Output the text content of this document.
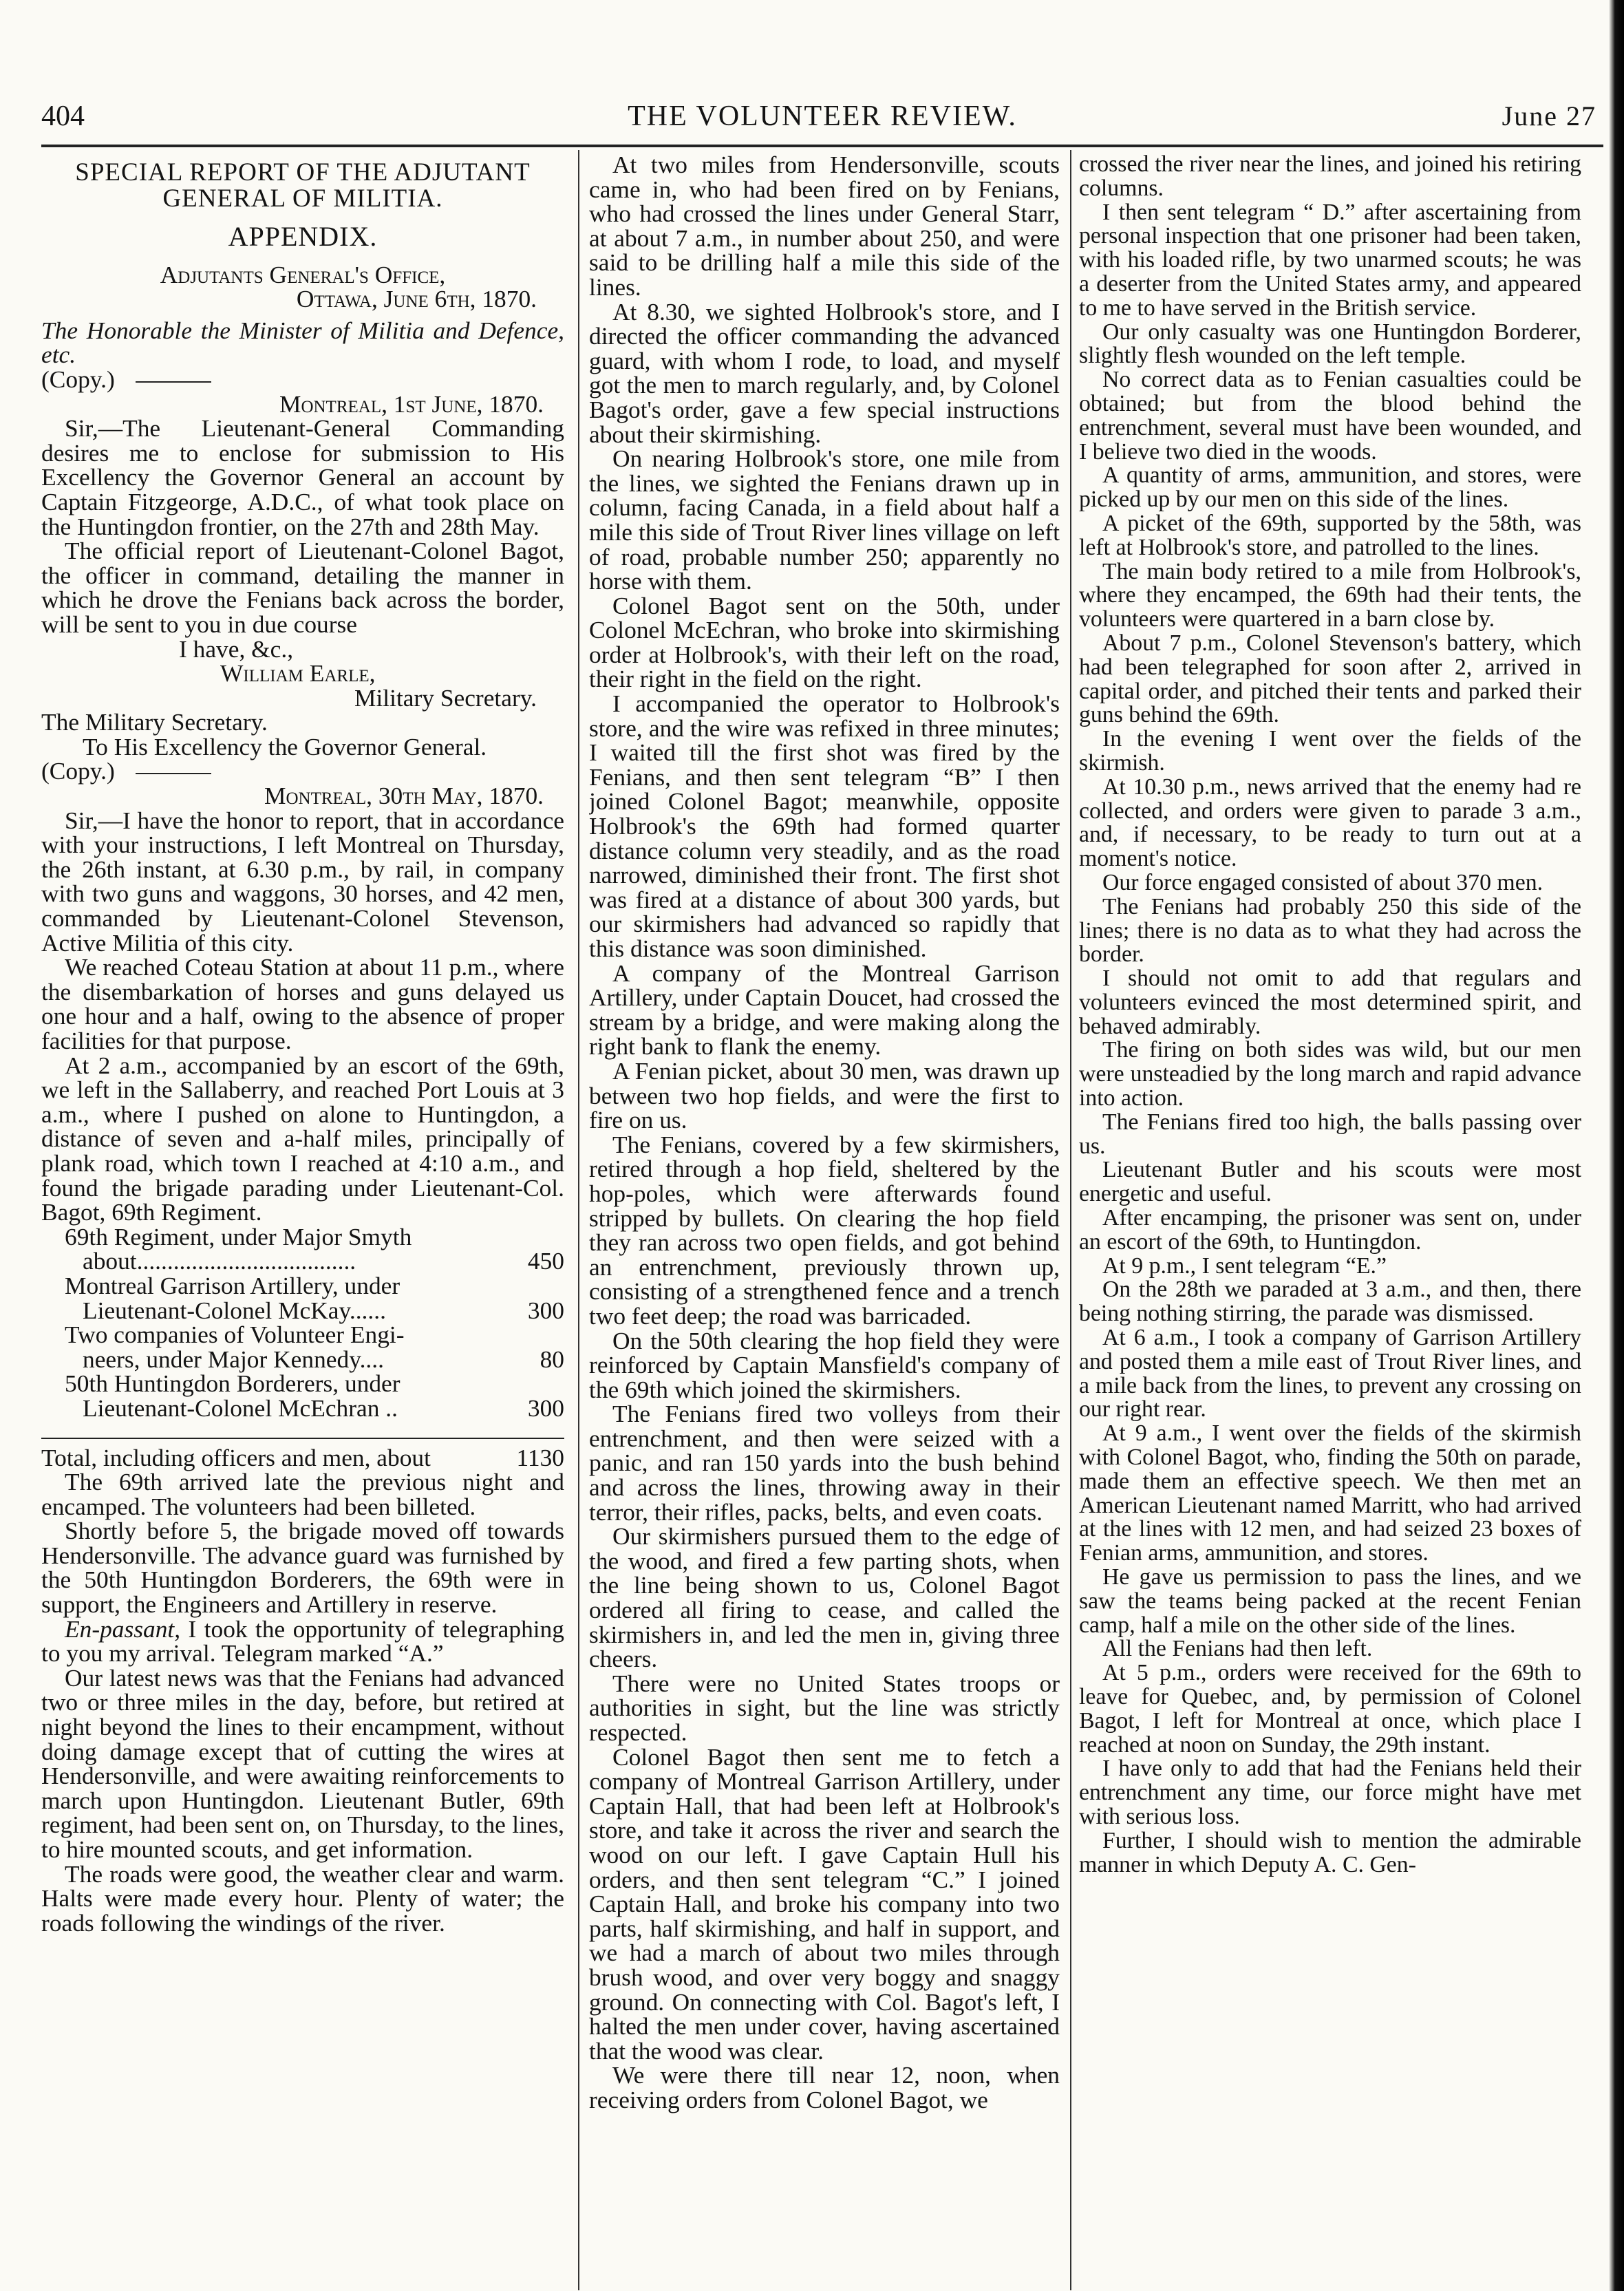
404	THE VOLUNTEER REVIEW.	June 27
SPECIAL REPORT OF THE ADJUTANT GENERAL OF MILITIA.
APPENDIX.
Adjutants General's Office,
Ottawa, June 6th, 1870.

The Honorable the Minister of Militia and Defence, etc.

(Copy.)
Montreal, 1st June, 1870.

Sir,—The Lieutenant-General Commanding desires me to enclose for submission to His Excellency the Governor General an account by Captain Fitzgeorge, A.D.C., of what took place on the Huntingdon frontier, on the 27th and 28th May.

The official report of Lieutenant-Colonel Bagot, the officer in command, detailing the manner in which he drove the Fenians back across the border, will be sent to you in due course

I have, &c.,
William Earle,
Military Secretary.
The Military Secretary.
To His Excellency the Governor General.
(Copy.)
Montreal, 30th May, 1870.

Sir,—I have the honor to report, that in accordance with your instructions, I left Montreal on Thursday, the 26th instant, at 6.30 p.m., by rail, in company with two guns and waggons, 30 horses, and 42 men, commanded by Lieutenant-Colonel Stevenson, Active Militia of this city.

We reached Coteau Station at about 11 p.m., where the disembarkation of horses and guns delayed us one hour and a half, owing to the absence of proper facilities for that purpose.

At 2 a.m., accompanied by an escort of the 69th, we left in the Sallaberry, and reached Port Louis at 3 a.m., where I pushed on alone to Huntingdon, a distance of seven and a-half miles, principally of plank road, which town I reached at 4:10 a.m., and found the brigade parading under Lieutenant-Col. Bagot, 69th Regiment.

69th Regiment, under Major Smyth	
about....................................	450
Montreal Garrison Artillery, under	
Lieutenant-Colonel McKay......	300
Two companies of Volunteer Engi-	
neers, under Major Kennedy....	80
50th Huntingdon Borderers, under	
Lieutenant-Colonel McEchran ..	300
Total, including officers and men, about	1130

The 69th arrived late the previous night and encamped. The volunteers had been billeted.

Shortly before 5, the brigade moved off towards Hendersonville. The advance guard was furnished by the 50th Huntingdon Borderers, the 69th were in support, the Engineers and Artillery in reserve.

En-passant, I took the opportunity of telegraphing to you my arrival. Telegram marked “A.”

Our latest news was that the Fenians had advanced two or three miles in the day, before, but retired at night beyond the lines to their encampment, without doing damage except that of cutting the wires at Hendersonville, and were awaiting reinforcements to march upon Huntingdon. Lieutenant Butler, 69th regiment, had been sent on, on Thursday, to the lines, to hire mounted scouts, and get information.

The roads were good, the weather clear and warm. Halts were made every hour. Plenty of water; the roads following the windings of the river.

At two miles from Hendersonville, scouts came in, who had been fired on by Fenians, who had crossed the lines under General Starr, at about 7 a.m., in number about 250, and were said to be drilling half a mile this side of the lines.

At 8.30, we sighted Holbrook's store, and I directed the officer commanding the advanced guard, with whom I rode, to load, and myself got the men to march regularly, and, by Colonel Bagot's order, gave a few special instructions about their skirmishing.

On nearing Holbrook's store, one mile from the lines, we sighted the Fenians drawn up in column, facing Canada, in a field about half a mile this side of Trout River lines village on left of road, probable number 250; apparently no horse with them.

Colonel Bagot sent on the 50th, under Colonel McEchran, who broke into skirmishing order at Holbrook's, with their left on the road, their right in the field on the right.

I accompanied the operator to Holbrook's store, and the wire was refixed in three minutes; I waited till the first shot was fired by the Fenians, and then sent telegram “B” I then joined Colonel Bagot; meanwhile, opposite Holbrook's the 69th had formed quarter distance column very steadily, and as the road narrowed, diminished their front. The first shot was fired at a distance of about 300 yards, but our skirmishers had advanced so rapidly that this distance was soon diminished.

A company of the Montreal Garrison Artillery, under Captain Doucet, had crossed the stream by a bridge, and were making along the right bank to flank the enemy.

A Fenian picket, about 30 men, was drawn up between two hop fields, and were the first to fire on us.

The Fenians, covered by a few skirmishers, retired through a hop field, sheltered by the hop-poles, which were afterwards found stripped by bullets. On clearing the hop field they ran across two open fields, and got behind an entrenchment, previously thrown up, consisting of a strengthened fence and a trench two feet deep; the road was barricaded.

On the 50th clearing the hop field they were reinforced by Captain Mansfield's company of the 69th which joined the skirmishers.

The Fenians fired two volleys from their entrenchment, and then were seized with a panic, and ran 150 yards into the bush behind and across the lines, throwing away in their terror, their rifles, packs, belts, and even coats.

Our skirmishers pursued them to the edge of the wood, and fired a few parting shots, when the line being shown to us, Colonel Bagot ordered all firing to cease, and called the skirmishers in, and led the men in, giving three cheers.

There were no United States troops or authorities in sight, but the line was strictly respected.

Colonel Bagot then sent me to fetch a company of Montreal Garrison Artillery, under Captain Hall, that had been left at Holbrook's store, and take it across the river and search the wood on our left. I gave Captain Hull his orders, and then sent telegram “C.” I joined Captain Hall, and broke his company into two parts, half skirmishing, and half in support, and we had a march of about two miles through brush wood, and over very boggy and snaggy ground. On connecting with Col. Bagot's left, I halted the men under cover, having ascertained that the wood was clear.

We were there till near 12, noon, when receiving orders from Colonel Bagot, we

crossed the river near the lines, and joined his retiring columns.

I then sent telegram “ D.” after ascertaining from personal inspection that one prisoner had been taken, with his loaded rifle, by two unarmed scouts; he was a deserter from the United States army, and appeared to me to have served in the British service.

Our only casualty was one Huntingdon Borderer, slightly flesh wounded on the left temple.

No correct data as to Fenian casualties could be obtained; but from the blood behind the entrenchment, several must have been wounded, and I believe two died in the woods.

A quantity of arms, ammunition, and stores, were picked up by our men on this side of the lines.

A picket of the 69th, supported by the 58th, was left at Holbrook's store, and patrolled to the lines.

The main body retired to a mile from Holbrook's, where they encamped, the 69th had their tents, the volunteers were quartered in a barn close by.

About 7 p.m., Colonel Stevenson's battery, which had been telegraphed for soon after 2, arrived in capital order, and pitched their tents and parked their guns behind the 69th.

In the evening I went over the fields of the skirmish.

At 10.30 p.m., news arrived that the enemy had re collected, and orders were given to parade 3 a.m., and, if necessary, to be ready to turn out at a moment's notice.

Our force engaged consisted of about 370 men.

The Fenians had probably 250 this side of the lines; there is no data as to what they had across the border.

I should not omit to add that regulars and volunteers evinced the most determined spirit, and behaved admirably.

The firing on both sides was wild, but our men were unsteadied by the long march and rapid advance into action.

The Fenians fired too high, the balls passing over us.

Lieutenant Butler and his scouts were most energetic and useful.

After encamping, the prisoner was sent on, under an escort of the 69th, to Huntingdon.

At 9 p.m., I sent telegram “E.”

On the 28th we paraded at 3 a.m., and then, there being nothing stirring, the parade was dismissed.

At 6 a.m., I took a company of Garrison Artillery and posted them a mile east of Trout River lines, and a mile back from the lines, to prevent any crossing on our right rear.

At 9 a.m., I went over the fields of the skirmish with Colonel Bagot, who, finding the 50th on parade, made them an effective speech. We then met an American Lieutenant named Marritt, who had arrived at the lines with 12 men, and had seized 23 boxes of Fenian arms, ammunition, and stores.

He gave us permission to pass the lines, and we saw the teams being packed at the recent Fenian camp, half a mile on the other side of the lines.

All the Fenians had then left.

At 5 p.m., orders were received for the 69th to leave for Quebec, and, by permission of Colonel Bagot, I left for Montreal at once, which place I reached at noon on Sunday, the 29th instant.

I have only to add that had the Fenians held their entrenchment any time, our force might have met with serious loss.

Further, I should wish to mention the admirable manner in which Deputy A. C. Gen-
